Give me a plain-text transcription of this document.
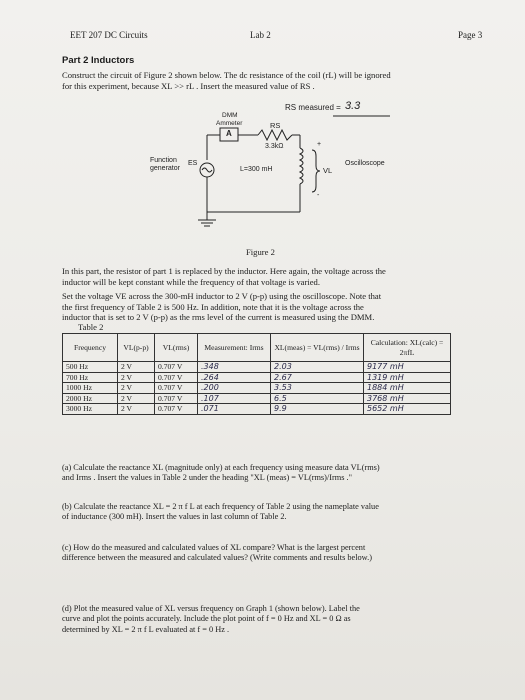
EET 207 DC Circuits	Lab 2	Page 3
Part 2 Inductors
Construct the circuit of Figure 2 shown below. The dc resistance of the coil (rL) will be ignored
for this experiment, because XL >> rL . Insert the measured value of RS .
DMM
Ammeter
A
RS
3.3kΩ
RS measured = 3.3
Function
generator
ES
L=300 mH
Oscilloscope
VL
+
-
Figure 2
In this part, the resistor of part 1 is replaced by the inductor. Here again, the voltage across the
inductor will be kept constant while the frequency of that voltage is varied.
Set the voltage VE across the 300-mH inductor to 2 V (p-p) using the oscilloscope. Note that
the first frequency of Table 2 is 500 Hz. In addition, note that it is the voltage across the
inductor that is set to 2 V (p-p) as the rms level of the current is measured using the DMM.
Table 2
Frequency	VL(p-p)	VL(rms)	Measurement: Irms	XL(meas) = VL(rms) / Irms	Calculation: XL(calc) = 2πfL
500 Hz	2 V	0.707 V	.348	2.03	9177 mH
700 Hz	2 V	0.707 V	.264	2.67	1319 mH
1000 Hz	2 V	0.707 V	.200	3.53	1884 mH
2000 Hz	2 V	0.707 V	.107	6.5	3768 mH
3000 Hz	2 V	0.707 V	.071	9.9	5652 mH
(a) Calculate the reactance XL (magnitude only) at each frequency using measure data VL(rms)
and Irms . Insert the values in Table 2 under the heading "XL (meas) = VL(rms)/Irms ."
(b) Calculate the reactance XL = 2 π f L at each frequency of Table 2 using the nameplate value
of inductance (300 mH). Insert the values in last column of Table 2.
(c) How do the measured and calculated values of XL compare? What is the largest percent
difference between the measured and calculated values? (Write comments and results below.)
(d) Plot the measured value of XL versus frequency on Graph 1 (shown below). Label the
curve and plot the points accurately. Include the plot point of f = 0 Hz and XL = 0 Ω as
determined by XL = 2 π f L evaluated at f = 0 Hz .
